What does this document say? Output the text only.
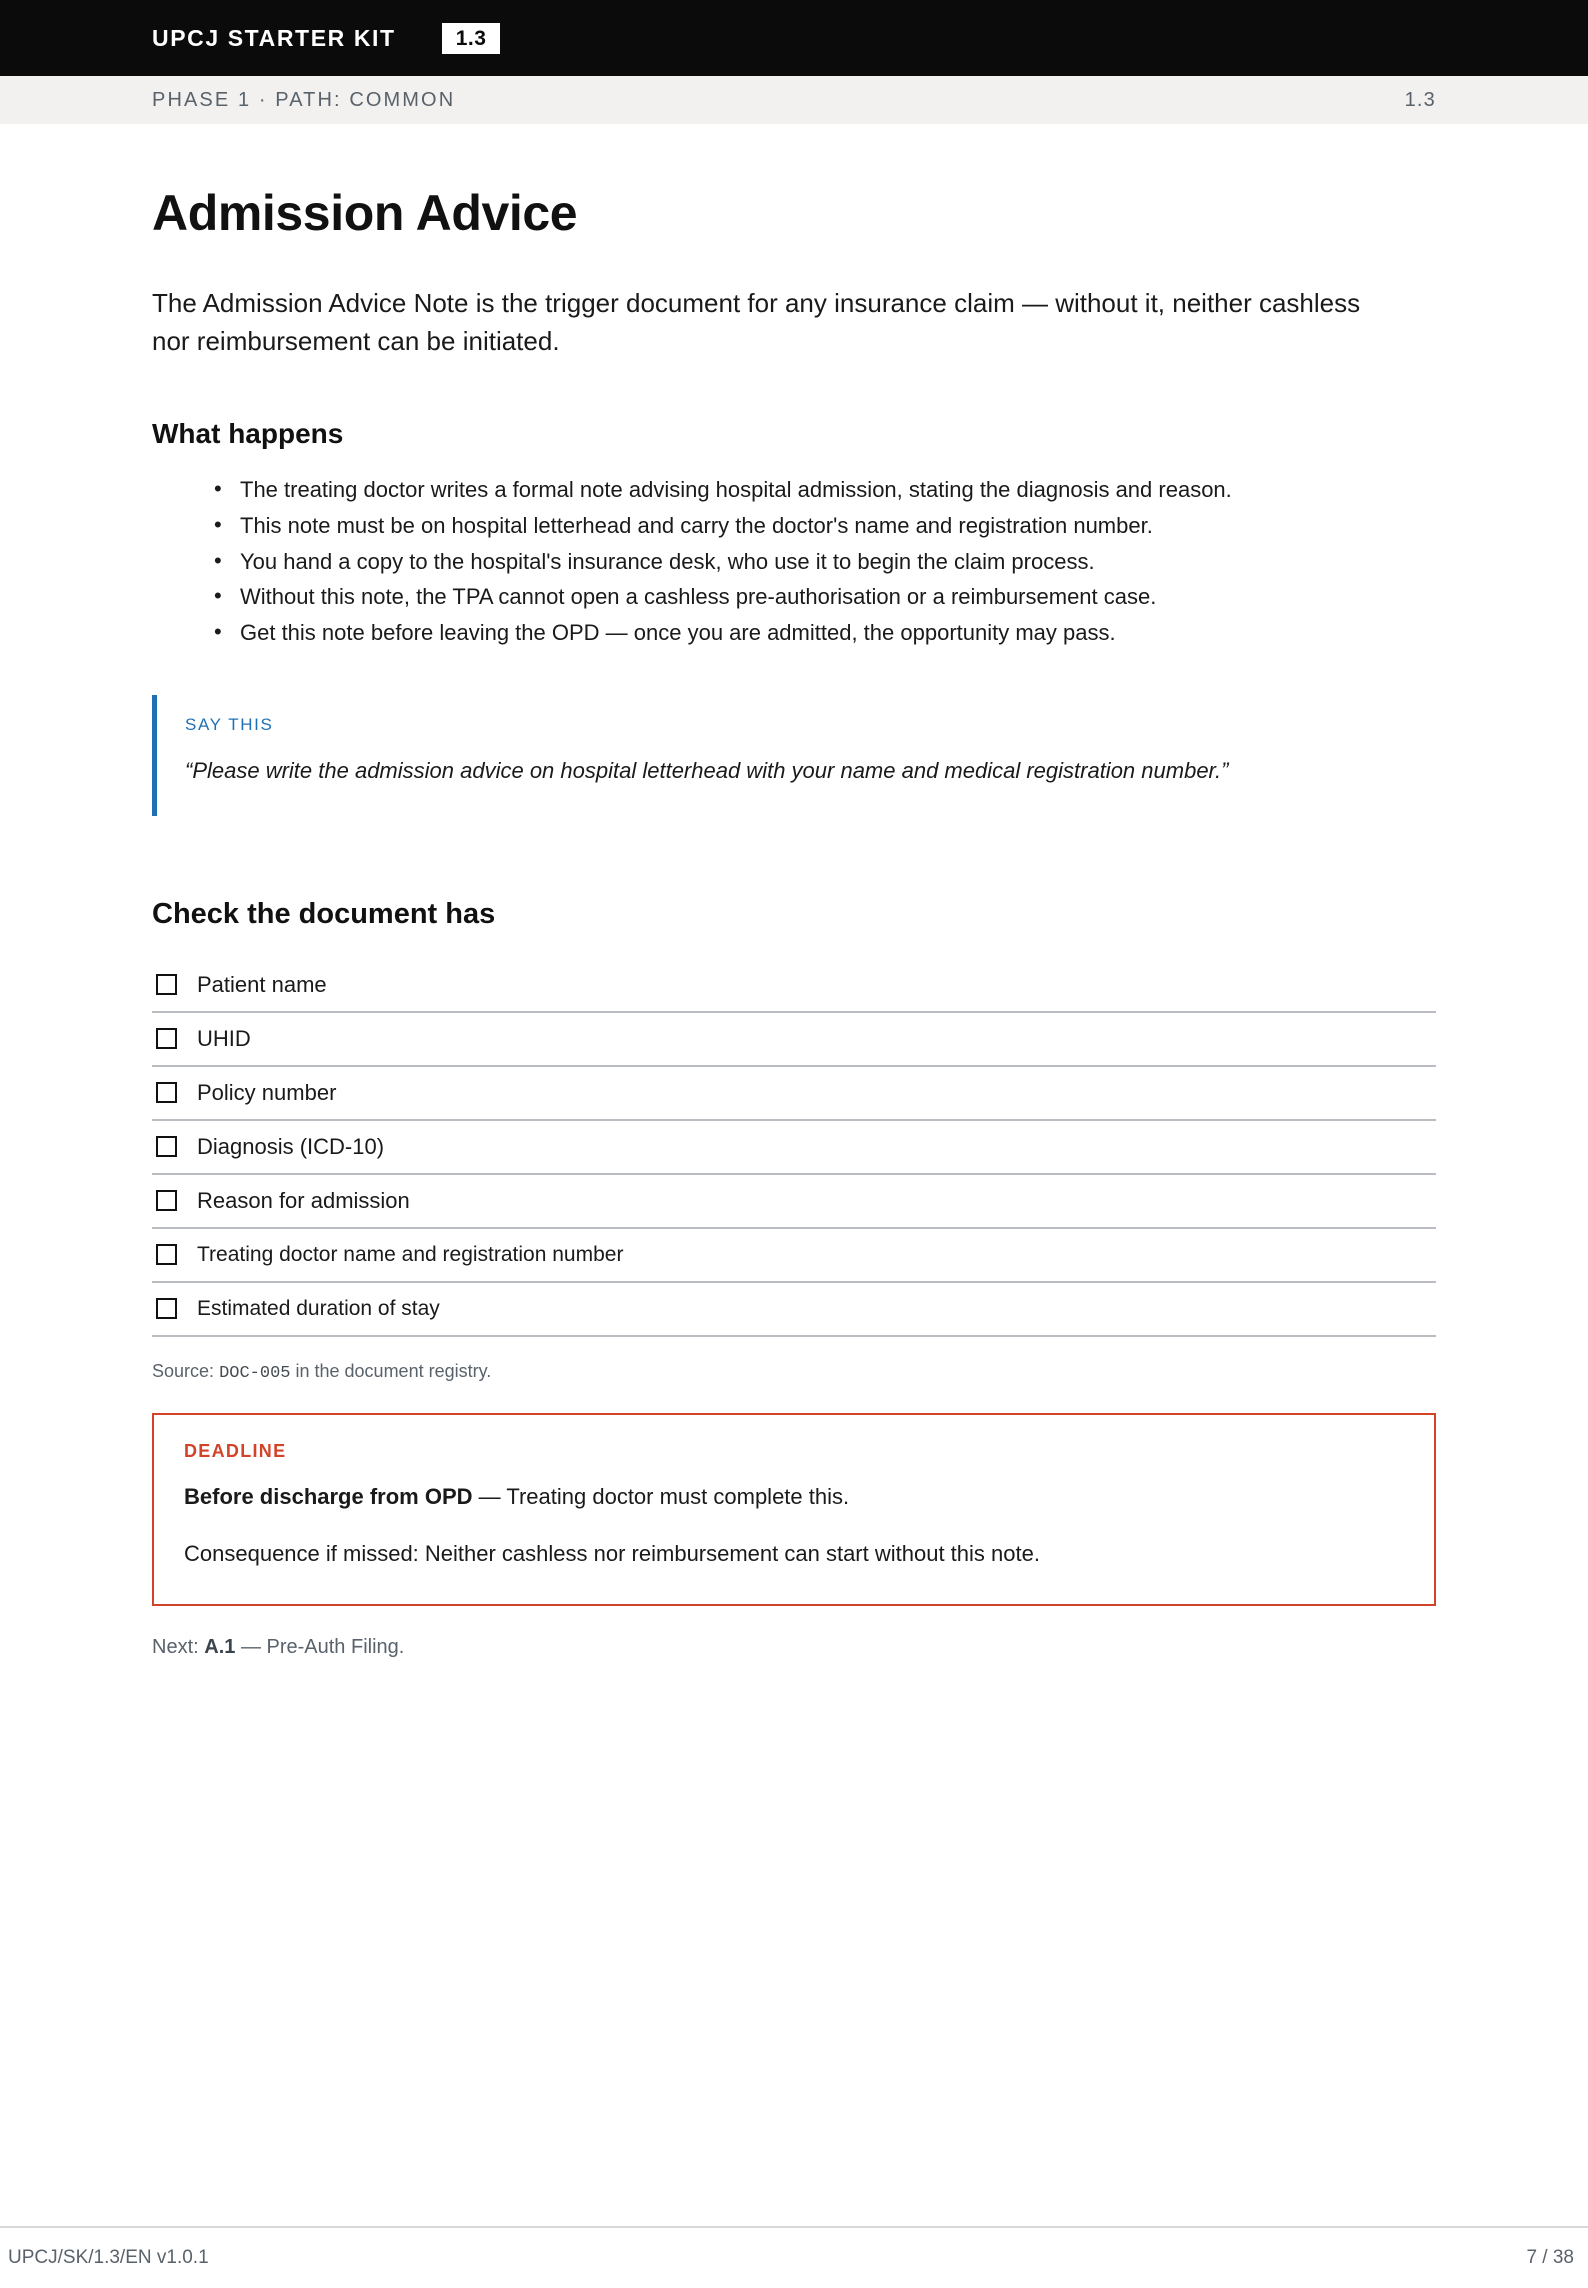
UPCJ STARTER KIT	1.3
PHASE 1 · PATH: COMMON	1.3
Admission Advice

The Admission Advice Note is the trigger document for any insurance claim — without it, neither cashless nor reimbursement can be initiated.

What happens
• The treating doctor writes a formal note advising hospital admission, stating the diagnosis and reason.
• This note must be on hospital letterhead and carry the doctor's name and registration number.
• You hand a copy to the hospital's insurance desk, who use it to begin the claim process.
• Without this note, the TPA cannot open a cashless pre-authorisation or a reimbursement case.
• Get this note before leaving the OPD — once you are admitted, the opportunity may pass.
SAY THIS
“Please write the admission advice on hospital letterhead with your name and medical registration number.”
Check the document has
Patient name
UHID
Policy number
Diagnosis (ICD-10)
Reason for admission
Treating doctor name and registration number
Estimated duration of stay
Source: DOC-005 in the document registry.
DEADLINE
Before discharge from OPD — Treating doctor must complete this.
Consequence if missed: Neither cashless nor reimbursement can start without this note.
Next: A.1 — Pre-Auth Filing.
UPCJ/SK/1.3/EN v1.0.1	7 / 38
